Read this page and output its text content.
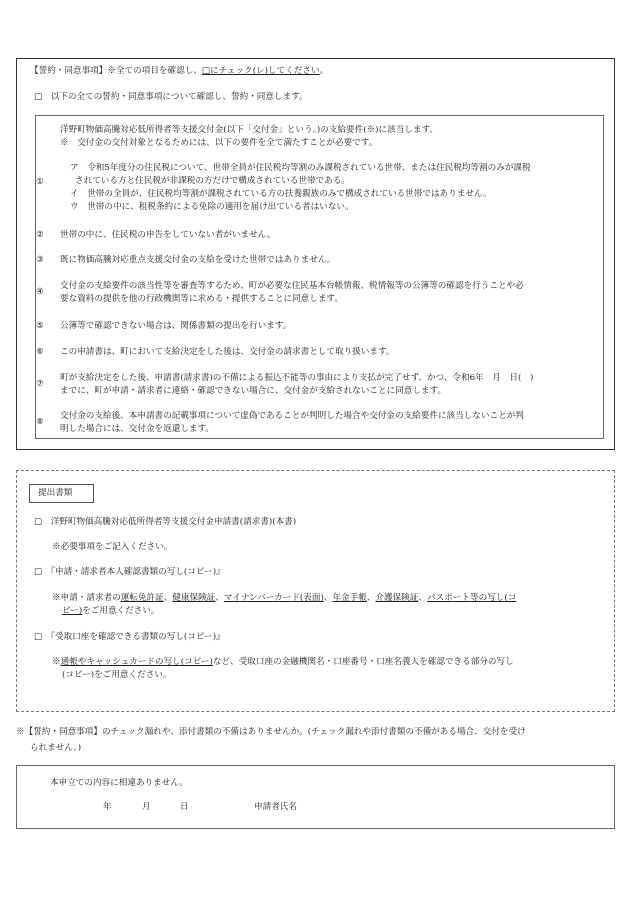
【誓約・同意事項】※全ての項目を確認し、□にチェック(レ)してください。
□　以下の全ての誓約・同意事項について確認し、誓約・同意します。
①
洋野町物価高騰対応低所得者等支援交付金(以下「交付金」という。)の支給要件(※)に該当します。
※　交付金の交付対象となるためには、以下の要件を全て満たすことが必要です。
ア　令和5年度分の住民税について、世帯全員が住民税均等割のみ課税されている世帯、または住民税均等割のみが課税
されている方と住民税が非課税の方だけで構成されている世帯である。
イ　世帯の全員が、住民税均等割が課税されている方の扶養親族のみで構成されている世帯ではありません。
ウ　世帯の中に、租税条約による免除の適用を届け出ている者はいない。
②	世帯の中に、住民税の申告をしていない者がいません。
③	既に物価高騰対応重点支援交付金の支給を受けた世帯ではありません。
④
交付金の支給要件の該当性等を審査等するため、町が必要な住民基本台帳情報、税情報等の公簿等の確認を行うことや必
要な資料の提供を他の行政機関等に求める・提供することに同意します。
⑤	公簿等で確認できない場合は、関係書類の提出を行います。
⑥	この申請書は、町において支給決定をした後は、交付金の請求書として取り扱います。
⑦
町が支給決定をした後、申請書(請求書)の不備による振込不能等の事由により支払が完了せず、かつ、令和6年　月　日(　)
までに、町が申請・請求者に連絡・確認できない場合に、交付金が支給されないことに同意します。
⑧
交付金の支給後、本申請書の記載事項について虚偽であることが判明した場合や交付金の支給要件に該当しないことが判
明した場合には、交付金を返還します。
提出書類
□　洋野町物価高騰対応低所得者等支援交付金申請書(請求書)(本書)
※必要事項をご記入ください。
□　『申請・請求者本人確認書類の写し(コピー)』
※申請・請求者の運転免許証、健康保険証、マイナンバーカード(表面)、年金手帳、介護保険証、パスポート等の写し(コ
ピー)をご用意ください。
□　『受取口座を確認できる書類の写し(コピー)』
※通帳やキャッシュカードの写し(コピー)など、受取口座の金融機関名・口座番号・口座名義人を確認できる部分の写し
(コピー)をご用意ください。
※【誓約・同意事項】のチェック漏れや、添付書類の不備はありませんか。(チェック漏れや添付書類の不備がある場合、交付を受け
られません。)
本申立ての内容に相違ありません。
年	月	日	申請者氏名
